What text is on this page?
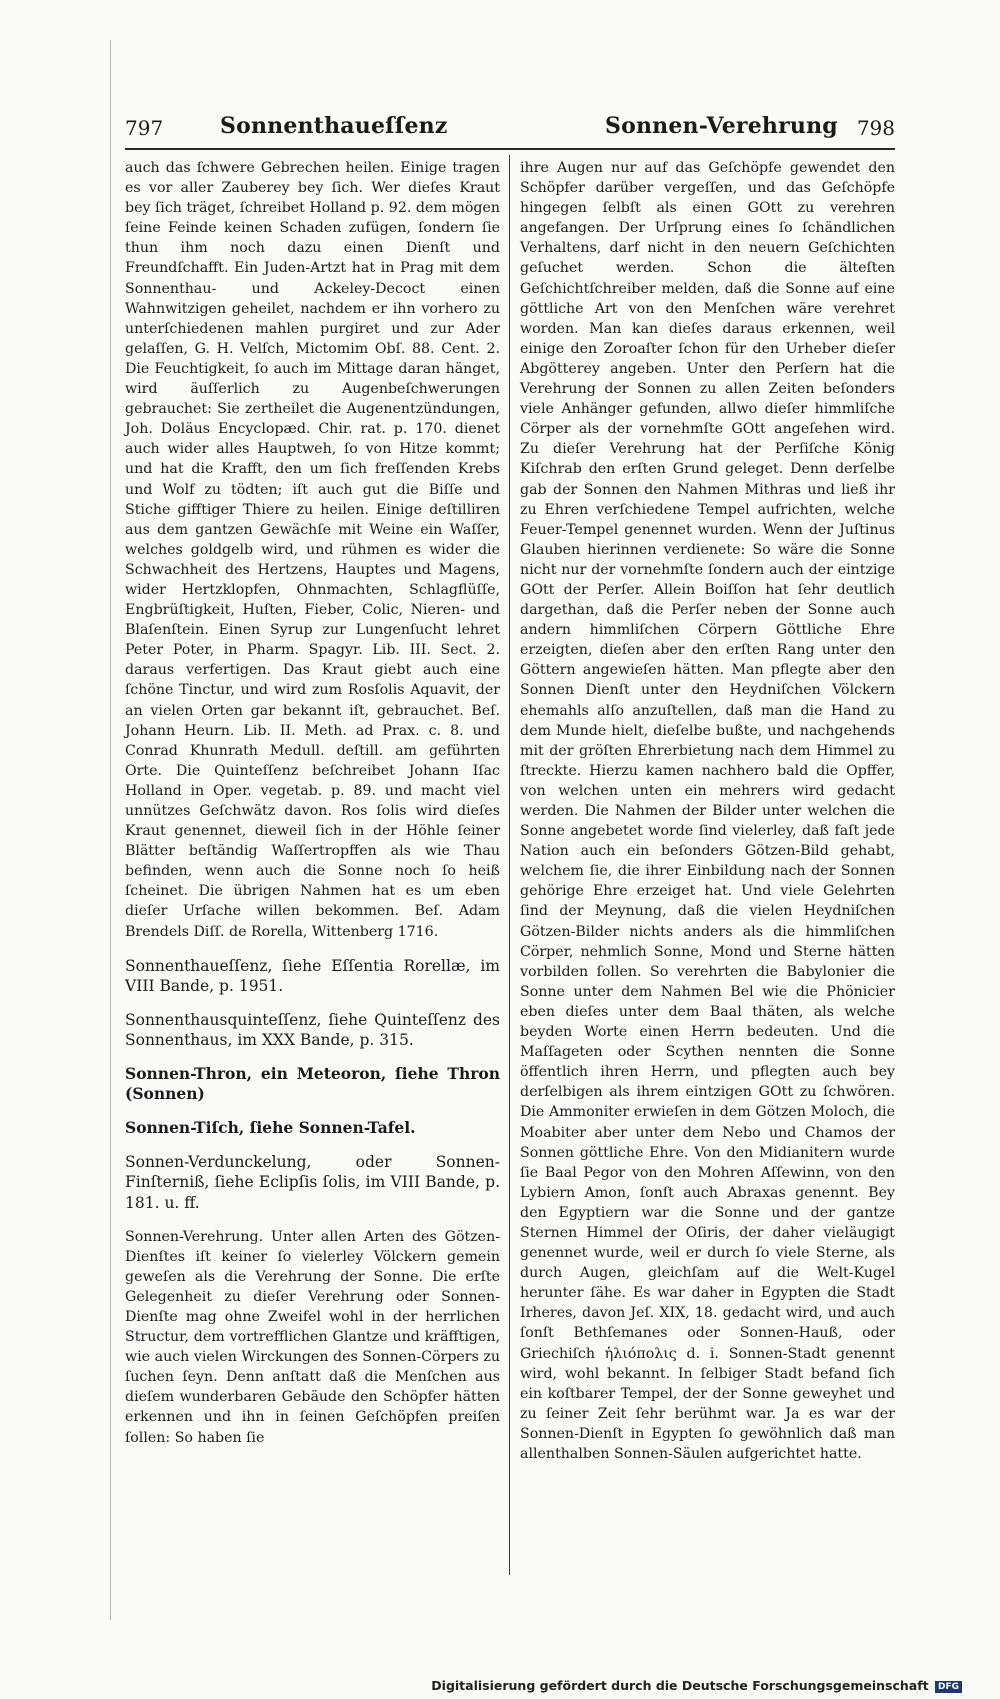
797	Sonnenthaueſſenz	Sonnen-Verehrung 798

auch das ſchwere Gebrechen heilen. Einige tragen es vor aller Zauberey bey ſich. Wer dieſes Kraut bey ſich träget, ſchreibet Holland p. 92. dem mögen ſeine Feinde keinen Schaden zufügen, ſondern ſie thun ihm noch dazu einen Dienſt und Freundſchafft. Ein Juden-Artzt hat in Prag mit dem Sonnenthau- und Ackeley-Decoct einen Wahnwitzigen geheilet, nachdem er ihn vorhero zu unterſchiedenen mahlen purgiret und zur Ader gelaſſen, G. H. Velſch, Mictomim Obſ. 88. Cent. 2. Die Feuchtigkeit, ſo auch im Mittage daran hänget, wird äuſſerlich zu Augenbeſchwerungen gebrauchet: Sie zertheilet die Augenentzündungen, Joh. Doläus Encyclopæd. Chir. rat. p. 170. dienet auch wider alles Hauptweh, ſo von Hitze kommt; und hat die Krafft, den um ſich freſſenden Krebs und Wolf zu tödten; iſt auch gut die Biſſe und Stiche gifftiger Thiere zu heilen. Einige deſtilliren aus dem gantzen Gewächſe mit Weine ein Waſſer, welches goldgelb wird, und rühmen es wider die Schwachheit des Hertzens, Hauptes und Magens, wider Hertzklopfen, Ohnmachten, Schlagflüſſe, Engbrüſtigkeit, Huſten, Fieber, Colic, Nieren- und Blaſenſtein. Einen Syrup zur Lungenſucht lehret Peter Poter, in Pharm. Spagyr. Lib. III. Sect. 2. daraus verfertigen. Das Kraut giebt auch eine ſchöne Tinctur, und wird zum Rosſolis Aquavit, der an vielen Orten gar bekannt iſt, gebrauchet. Beſ. Johann Heurn. Lib. II. Meth. ad Prax. c. 8. und Conrad Khunrath Medull. deſtill. am geführten Orte. Die Quinteſſenz beſchreibet Johann Iſac Holland in Oper. vegetab. p. 89. und macht viel unnützes Geſchwätz davon. Ros ſolis wird dieſes Kraut genennet, dieweil ſich in der Höhle ſeiner Blätter beſtändig Waſſertropffen als wie Thau befinden, wenn auch die Sonne noch ſo heiß ſcheinet. Die übrigen Nahmen hat es um eben dieſer Urſache willen bekommen. Beſ. Adam Brendels Diſſ. de Rorella, Wittenberg 1716.

Sonnenthaueſſenz, ſiehe Eſſentia Rorellæ, im VIII Bande, p. 1951.

Sonnenthausquinteſſenz, ſiehe Quinteſſenz des Sonnenthaus, im XXX Bande, p. 315.

Sonnen-Thron, ein Meteoron, ſiehe Thron (Sonnen)

Sonnen-Tiſch, ſiehe Sonnen-Tafel.

Sonnen-Verdunckelung, oder Sonnen-Finſterniß, ſiehe Eclipſis ſolis, im VIII Bande, p. 181. u. ff.

Sonnen-Verehrung. Unter allen Arten des Götzen-Dienſtes iſt keiner ſo vielerley Völckern gemein geweſen als die Verehrung der Sonne. Die erſte Gelegenheit zu dieſer Verehrung oder Sonnen-Dienſte mag ohne Zweifel wohl in der herrlichen Structur, dem vortrefflichen Glantze und kräfftigen, wie auch vielen Wirckungen des Sonnen-Cörpers zu ſuchen ſeyn. Denn anſtatt daß die Menſchen aus dieſem wunderbaren Gebäude den Schöpfer hätten erkennen und ihn in ſeinen Geſchöpfen preiſen ſollen: So haben ſie

ihre Augen nur auf das Geſchöpfe gewendet den Schöpfer darüber vergeſſen, und das Geſchöpfe hingegen ſelbſt als einen GOtt zu verehren angefangen. Der Urſprung eines ſo ſchändlichen Verhaltens, darf nicht in den neuern Geſchichten geſuchet werden. Schon die älteſten Geſchichtſchreiber melden, daß die Sonne auf eine göttliche Art von den Menſchen wäre verehret worden. Man kan dieſes daraus erkennen, weil einige den Zoroaſter ſchon für den Urheber dieſer Abgötterey angeben. Unter den Perſern hat die Verehrung der Sonnen zu allen Zeiten beſonders viele Anhänger gefunden, allwo dieſer himmliſche Cörper als der vornehmſte GOtt angeſehen wird. Zu dieſer Verehrung hat der Perſiſche König Kiſchrab den erſten Grund geleget. Denn derſelbe gab der Sonnen den Nahmen Mithras und ließ ihr zu Ehren verſchiedene Tempel aufrichten, welche Feuer-Tempel genennet wurden. Wenn der Juſtinus Glauben hierinnen verdienete: So wäre die Sonne nicht nur der vornehmſte ſondern auch der eintzige GOtt der Perſer. Allein Boiſſon hat ſehr deutlich dargethan, daß die Perſer neben der Sonne auch andern himmliſchen Cörpern Göttliche Ehre erzeigten, dieſen aber den erſten Rang unter den Göttern angewieſen hätten. Man pflegte aber den Sonnen Dienſt unter den Heydniſchen Völckern ehemahls alſo anzuſtellen, daß man die Hand zu dem Munde hielt, dieſelbe bußte, und nachgehends mit der gröſten Ehrerbietung nach dem Himmel zu ſtreckte. Hierzu kamen nachhero bald die Opffer, von welchen unten ein mehrers wird gedacht werden. Die Nahmen der Bilder unter welchen die Sonne angebetet worde ſind vielerley, daß faſt jede Nation auch ein beſonders Götzen-Bild gehabt, welchem ſie, die ihrer Einbildung nach der Sonnen gehörige Ehre erzeiget hat. Und viele Gelehrten ſind der Meynung, daß die vielen Heydniſchen Götzen-Bilder nichts anders als die himmliſchen Cörper, nehmlich Sonne, Mond und Sterne hätten vorbilden ſollen. So verehrten die Babylonier die Sonne unter dem Nahmen Bel wie die Phönicier eben dieſes unter dem Baal thäten, als welche beyden Worte einen Herrn bedeuten. Und die Maſſageten oder Scythen nennten die Sonne öffentlich ihren Herrn, und pflegten auch bey derſelbigen als ihrem eintzigen GOtt zu ſchwören. Die Ammoniter erwieſen in dem Götzen Moloch, die Moabiter aber unter dem Nebo und Chamos der Sonnen göttliche Ehre. Von den Midianitern wurde ſie Baal Pegor von den Mohren Aſſewinn, von den Lybiern Amon, ſonſt auch Abraxas genennt. Bey den Egyptiern war die Sonne und der gantze Sternen Himmel der Oſiris, der daher vieläugigt genennet wurde, weil er durch ſo viele Sterne, als durch Augen, gleichſam auf die Welt-Kugel herunter ſähe. Es war daher in Egypten die Stadt Irheres, davon Jeſ. XIX, 18. gedacht wird, und auch ſonſt Bethſemanes oder Sonnen-Hauß, oder Griechiſch ἡλιόπολις d. i. Sonnen-Stadt genennt wird, wohl bekannt. In ſelbiger Stadt befand ſich ein koſtbarer Tempel, der der Sonne geweyhet und zu ſeiner Zeit ſehr berühmt war. Ja es war der Sonnen-Dienſt in Egypten ſo gewöhnlich daß man allenthalben Sonnen-Säulen aufgerichtet hatte.

Digitalisierung gefördert durch die Deutsche Forschungsgemeinschaft DFG
